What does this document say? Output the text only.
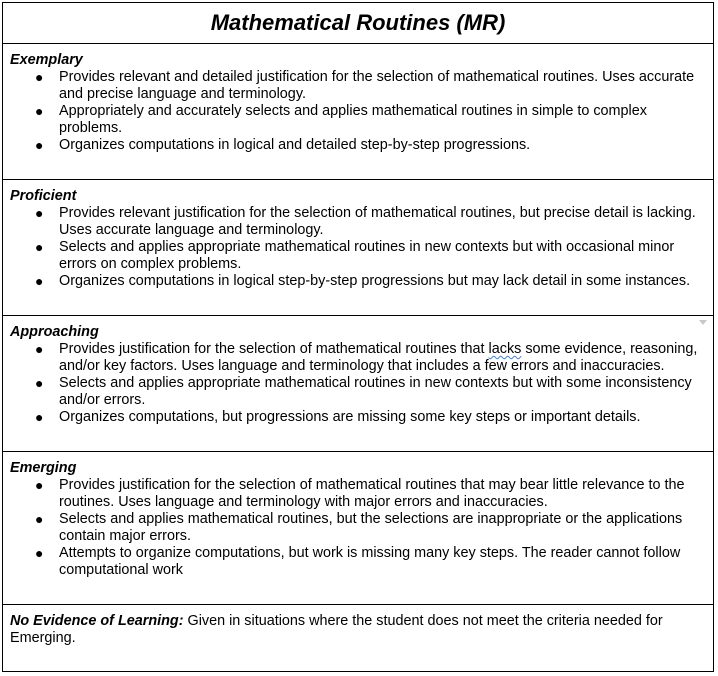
Mathematical Routines (MR)

Exemplary
● Provides relevant and detailed justification for the selection of mathematical routines. Uses accurate and precise language and terminology.
● Appropriately and accurately selects and applies mathematical routines in simple to complex problems.
● Organizes computations in logical and detailed step-by-step progressions.

Proficient
● Provides relevant justification for the selection of mathematical routines, but precise detail is lacking. Uses accurate language and terminology.
● Selects and applies appropriate mathematical routines in new contexts but with occasional minor errors on complex problems.
● Organizes computations in logical step-by-step progressions but may lack detail in some instances.

Approaching
● Provides justification for the selection of mathematical routines that lacks some evidence, reasoning, and/or key factors. Uses language and terminology that includes a few errors and inaccuracies.
● Selects and applies appropriate mathematical routines in new contexts but with some inconsistency and/or errors.
● Organizes computations, but progressions are missing some key steps or important details.

Emerging
● Provides justification for the selection of mathematical routines that may bear little relevance to the routines. Uses language and terminology with major errors and inaccuracies.
● Selects and applies mathematical routines, but the selections are inappropriate or the applications contain major errors.
● Attempts to organize computations, but work is missing many key steps. The reader cannot follow computational work

No Evidence of Learning: Given in situations where the student does not meet the criteria needed for Emerging.
